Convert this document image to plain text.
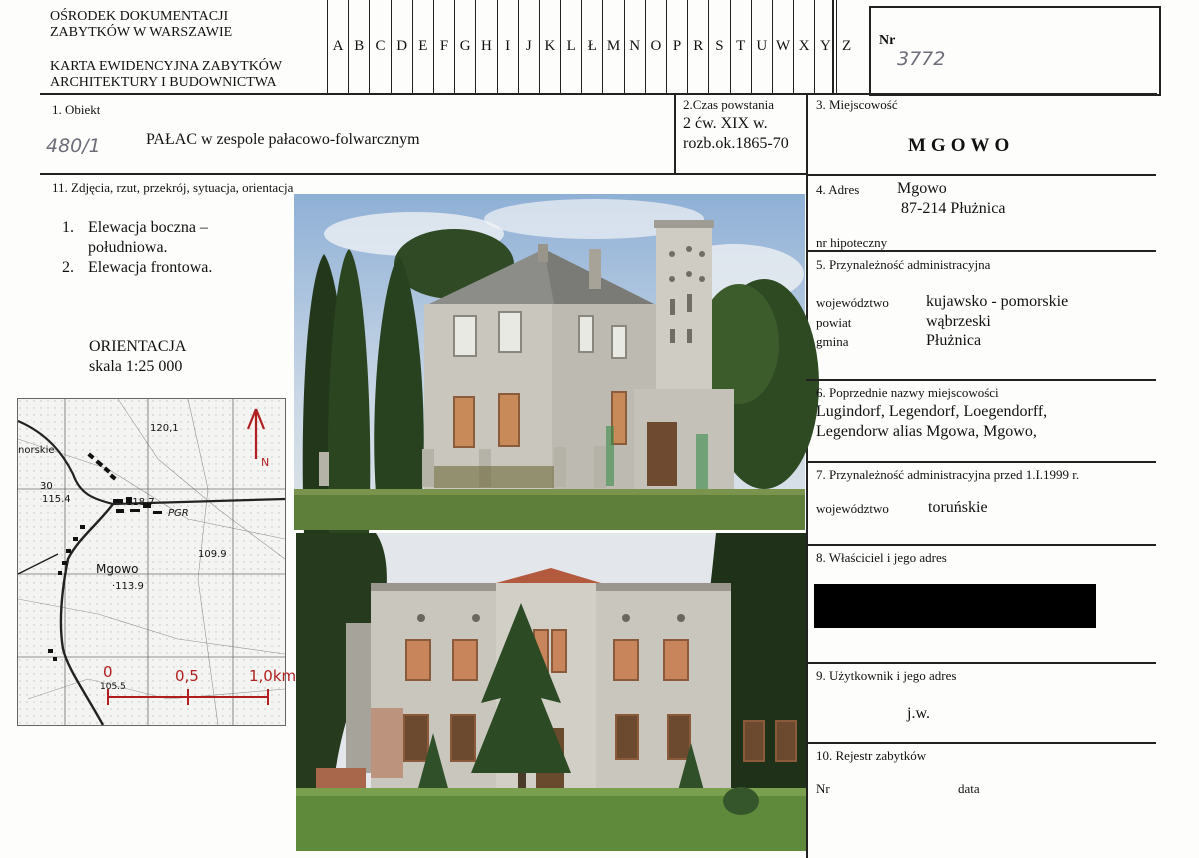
OŚRODEK DOKUMENTACJI
ZABYTKÓW W WARSZAWIE
KARTA EWIDENCYJNA ZABYTKÓW
ARCHITEKTURY I BUDOWNICTWA
A B C D E F G H I	J K L Ł M N O P R S T U W X Y Z	Nr
3772
1. Obiekt
480/1	PAŁAC w zespole pałacowo-folwarcznym
2.Czas powstania
2 ćw. XIX w.
rozb.ok.1865-70
3. Miejscowość
MGOWO
11. Zdjęcia, rzut, przekrój, sytuacja, orientacja
1. Elewacja boczna –
południowa.
2. Elewacja frontowa.
ORIENTACJA
skala 1:25 000
120,1
norskie
30
115.4	118.7
PGR
109.9
Mgowo
·113.9
N
0	0,5	1,0km
105.5
4. Adres Mgowo
87-214 Płużnica
nr hipoteczny
5. Przynależność administracyjna
województwo kujawsko - pomorskie
powiat	wąbrzeski
gmina	Płużnica
6. Poprzednie nazwy miejscowości
Lugindorf, Legendorf, Loegendorff,
Legendorw alias Mgowa, Mgowo,
7. Przynależność administracyjna przed 1.I.1999 r.
województwo toruńskie
8. Właściciel i jego adres
9. Użytkownik i jego adres
j.w.
10. Rejestr zabytków
Nr	data
